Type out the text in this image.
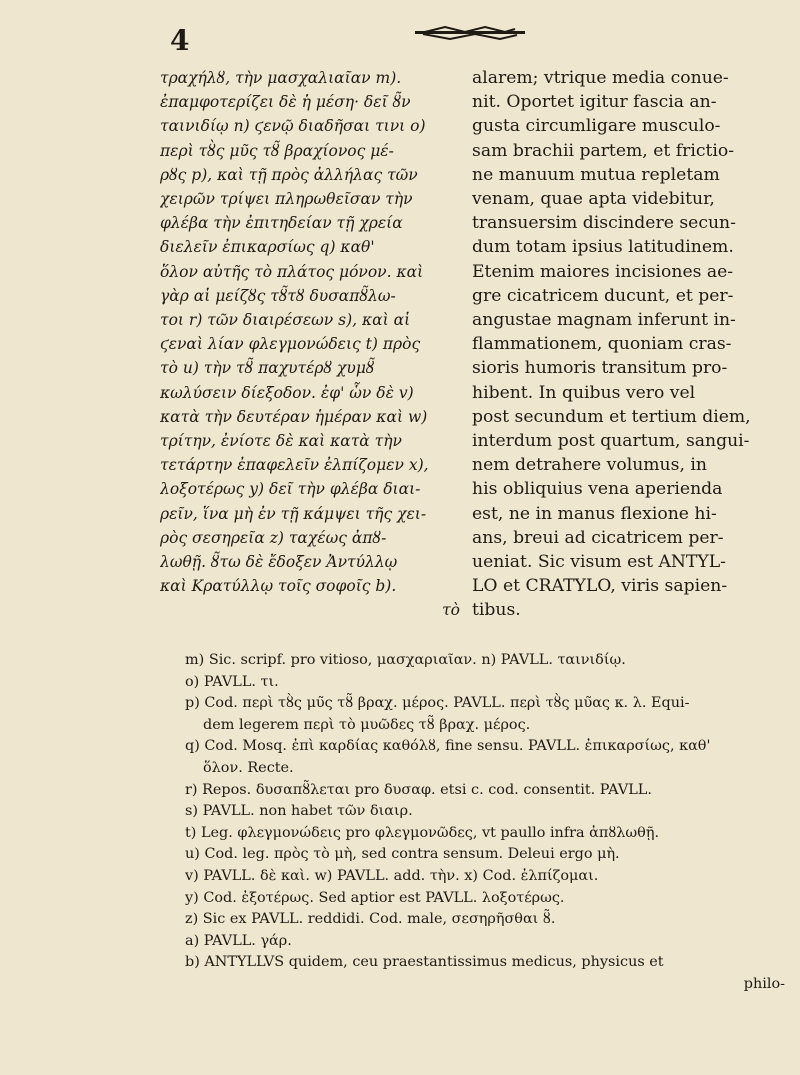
4
τραχήλȣ, τὴν μασχαλιαῖαν m).
ἐπαμφοτερίζει δὲ ἡ μέση· δεῖ ȣ̃ν
ταινιδίῳ n) ϛενῷ διαδῆσαι τινι o)
περὶ τȣ̀ς μυ̃ς τȣ̃ βραχίονος μέ-
ρȣς p), καὶ τῇ πρὸς ἀλλήλας τῶν
χειρῶν τρίψει πληρωθεῖσαν τὴν
φλέβα τὴν ἐπιτηδείαν τῇ χρεία
διελεῖν ἐπικαρσίως q) καθ'
ὅλον αὐτῆς τὸ πλάτος μόνον. καὶ
γὰρ αἱ μείζȣς τȣ̃τȣ δυσαπȣ̃λω-
τοι r) τῶν διαιρέσεων s), καὶ αἱ
ϛεναὶ λίαν φλεγμονώδεις t) πρὸς
τὸ u) τὴν τȣ̃ παχυτέρȣ χυμȣ̃
κωλύσειν δίεξοδον. ἐφ' ὧν δὲ v)
κατὰ τὴν δευτέραν ἡμέραν καὶ w)
τρίτην, ἐνίοτε δὲ καὶ κατὰ τὴν
τετάρτην ἐπαφελεῖν ἐλπίζομεν x),
λοξοτέρως y) δεῖ τὴν φλέβα διαι-
ρεῖν, ἵνα μὴ ἐν τῇ κάμψει τῆς χει-
ρὸς σεσηρεῖα z) ταχέως ἀπȣ-
λωθῇ. ȣ̃τω δὲ ἔδοξεν Ἀντύλλῳ
καὶ Κρατύλλῳ τοῖς σοφοῖς b).
τὸ
alarem; vtrique media conue-
nit. Oportet igitur fascia an-
gusta circumligare musculo-
sam brachii partem, et frictio-
ne manuum mutua repletam
venam, quae apta videbitur,
transuersim discindere secun-
dum totam ipsius latitudinem.
Etenim maiores incisiones ae-
gre cicatricem ducunt, et per-
angustae magnam inferunt in-
flammationem, quoniam cras-
sioris humoris transitum pro-
hibent. In quibus vero vel
post secundum et tertium diem,
interdum post quartum, sangui-
nem detrahere volumus, in
his obliquius vena aperienda
est, ne in manus flexione hi-
ans, breui ad cicatricem per-
ueniat. Sic visum est ANTYL-
LO et CRATYLO, viris sapien-
tibus.
m) Sic. scripf. pro vitioso, μασχαριαῖαν. n) PAVLL. ταινιδίῳ.
o) PAVLL. τι.
p) Cod. περὶ τȣ̀ς μυ̃ς τȣ̃ βραχ. μέρος. PAVLL. περὶ τȣ̀ς μυ̃ας κ. λ. Equi-
dem legerem περὶ τὸ μυῶδες τȣ̃ βραχ. μέρος.
q) Cod. Mosq. ἐπὶ καρδίας καθόλȣ, fine sensu. PAVLL. ἐπικαρσίως, καθ'
ὅλον. Recte.
r) Repos. δυσαπȣ̃λεται pro δυσαφ. etsi c. cod. consentit. PAVLL.
s) PAVLL. non habet τῶν διαιρ.
t) Leg. φλεγμονώδεις pro φλεγμονῶδες, vt paullo infra ἀπȣλωθῇ.
u) Cod. leg. πρὸς τὸ μὴ, sed contra sensum. Deleui ergo μὴ.
v) PAVLL. δὲ καὶ. w) PAVLL. add. τὴν. x) Cod. ἐλπίζομαι.
y) Cod. ἐξοτέρως. Sed aptior est PAVLL. λοξοτέρως.
z) Sic ex PAVLL. reddidi. Cod. male, σεσηρῆσθαι ȣ̃.
a) PAVLL. γάρ.
b) ANTYLLVS quidem, ceu praestantissimus medicus, physicus et
philo-
